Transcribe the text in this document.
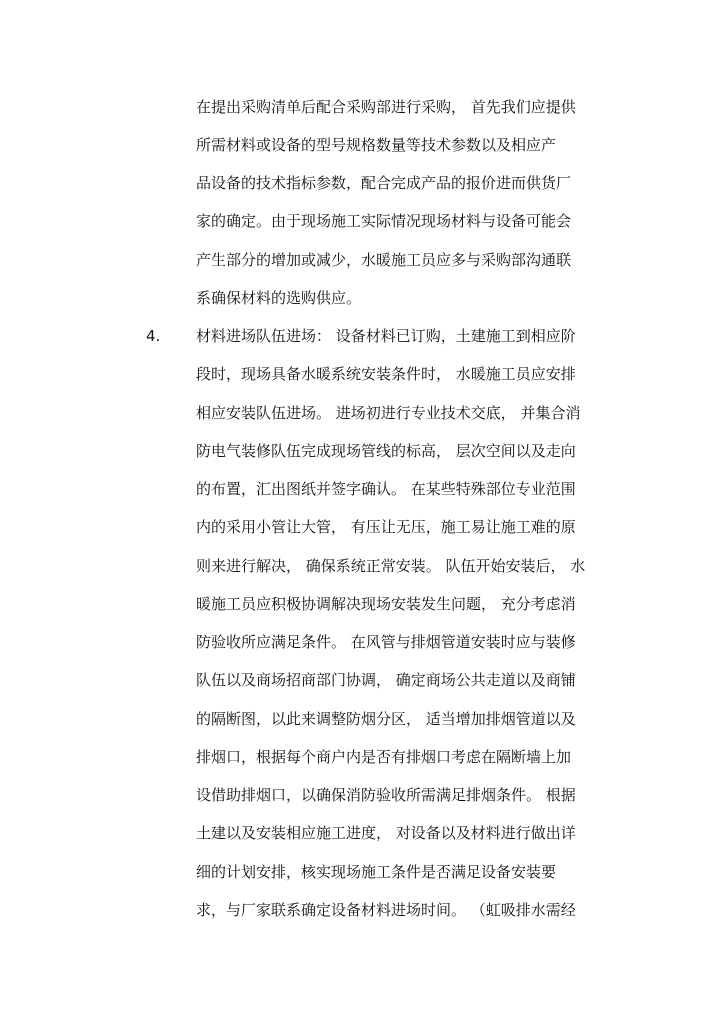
在提出采购清单后配合采购部进行采购， 首先我们应提供
所需材料或设备的型号规格数量等技术参数以及相应产
品设备的技术指标参数，配合完成产品的报价进而供货厂
家的确定。由于现场施工实际情况现场材料与设备可能会
产生部分的增加或减少，水暖施工员应多与采购部沟通联
系确保材料的选购供应。
4. 材料进场队伍进场： 设备材料已订购，土建施工到相应阶
段时，现场具备水暖系统安装条件时， 水暖施工员应安排
相应安装队伍进场。 进场初进行专业技术交底， 并集合消
防电气装修队伍完成现场管线的标高， 层次空间以及走向
的布置，汇出图纸并签字确认。 在某些特殊部位专业范围
内的采用小管让大管， 有压让无压，施工易让施工难的原
则来进行解决， 确保系统正常安装。 队伍开始安装后， 水
暖施工员应积极协调解决现场安装发生问题， 充分考虑消
防验收所应满足条件。 在风管与排烟管道安装时应与装修
队伍以及商场招商部门协调， 确定商场公共走道以及商铺
的隔断图，以此来调整防烟分区， 适当增加排烟管道以及
排烟口，根据每个商户内是否有排烟口考虑在隔断墙上加
设借助排烟口，以确保消防验收所需满足排烟条件。 根据
土建以及安装相应施工进度， 对设备以及材料进行做出详
细的计划安排，核实现场施工条件是否满足设备安装要
求，与厂家联系确定设备材料进场时间。 （虹吸排水需经
